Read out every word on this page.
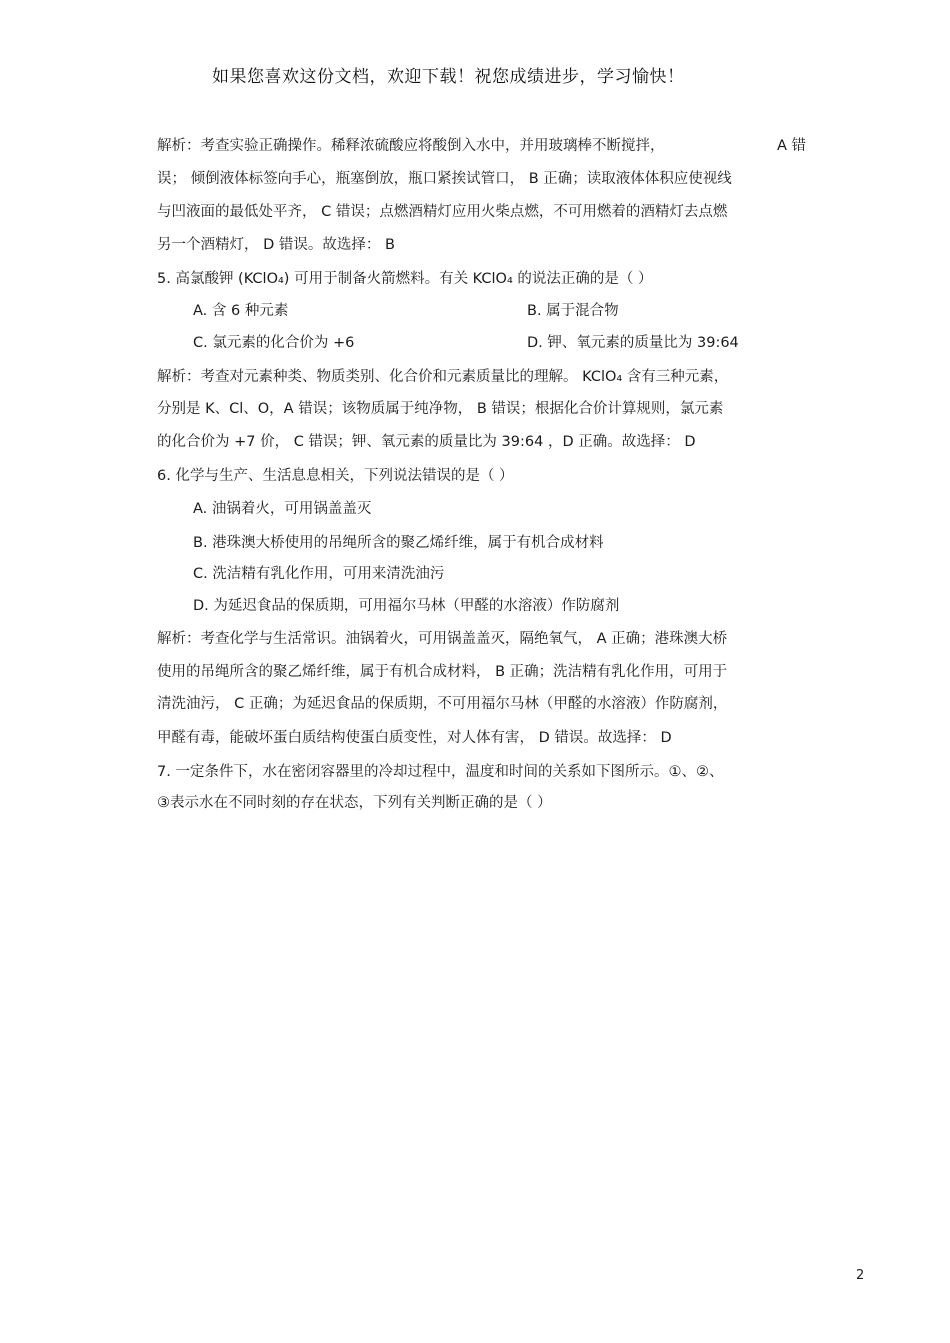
如果您喜欢这份文档，欢迎下载！祝您成绩进步，学习愉快！
解析：考查实验正确操作。稀释浓硫酸应将酸倒入水中，并用玻璃棒不断搅拌，	A 错
误； 倾倒液体标签向手心，瓶塞倒放，瓶口紧挨试管口， B 正确；读取液体体积应使视线
与凹液面的最低处平齐， C 错误；点燃酒精灯应用火柴点燃，不可用燃着的酒精灯去点燃
另一个酒精灯， D 错误。故选择： B
5. 高氯酸钾 (KClO₄) 可用于制备火箭燃料。有关 KClO₄ 的说法正确的是（ ）
A. 含 6 种元素	B. 属于混合物
C. 氯元素的化合价为 +6	D. 钾、氧元素的质量比为 39:64
解析：考查对元素种类、物质类别、化合价和元素质量比的理解。 KClO₄ 含有三种元素，
分别是 K、Cl、O，A 错误；该物质属于纯净物， B 错误；根据化合价计算规则，氯元素
的化合价为 +7 价， C 错误；钾、氧元素的质量比为 39:64 ，D 正确。故选择： D
6. 化学与生产、生活息息相关，下列说法错误的是（ ）
A. 油锅着火，可用锅盖盖灭
B. 港珠澳大桥使用的吊绳所含的聚乙烯纤维，属于有机合成材料
C. 洗洁精有乳化作用，可用来清洗油污
D. 为延迟食品的保质期，可用福尔马林（甲醛的水溶液）作防腐剂
解析：考查化学与生活常识。油锅着火，可用锅盖盖灭，隔绝氧气， A 正确；港珠澳大桥
使用的吊绳所含的聚乙烯纤维，属于有机合成材料， B 正确；洗洁精有乳化作用，可用于
清洗油污， C 正确；为延迟食品的保质期，不可用福尔马林（甲醛的水溶液）作防腐剂，
甲醛有毒，能破坏蛋白质结构使蛋白质变性，对人体有害， D 错误。故选择： D
7. 一定条件下，水在密闭容器里的冷却过程中，温度和时间的关系如下图所示。①、②、
③表示水在不同时刻的存在状态，下列有关判断正确的是（ ）
2
